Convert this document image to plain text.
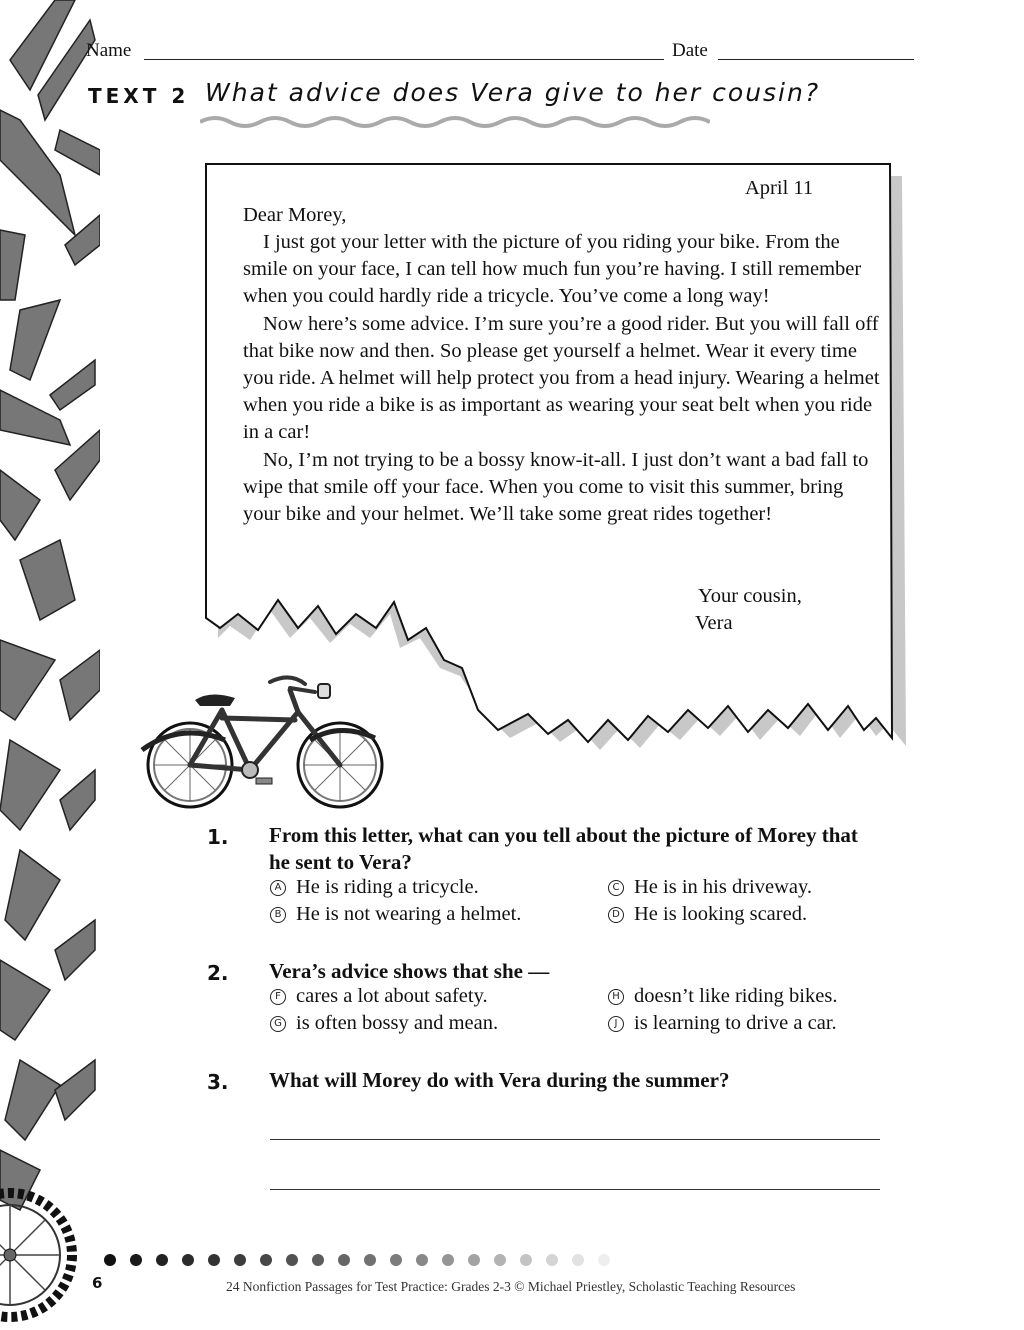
Name	Date
TEXT 2 What advice does Vera give to her cousin?
April 11
Dear Morey,

I just got your letter with the picture of you riding your bike. From the smile on your face, I can tell how much fun you’re having. I still remember when you could hardly ride a tricycle. You’ve come a long way!

Now here’s some advice. I’m sure you’re a good rider. But you will fall off that bike now and then. So please get yourself a helmet. Wear it every time you ride. A helmet will help protect you from a head injury. Wearing a helmet when you ride a bike is as important as wearing your seat belt when you ride in a car!

No, I’m not trying to be a bossy know-it-all. I just don’t want a bad fall to wipe that smile off your face. When you come to visit this summer, bring your bike and your helmet. We’ll take some great rides together!

Your cousin,
Vera
1. From this letter, what can you tell about the picture of Morey that he sent to Vera?
A He is riding a tricycle.
B He is not wearing a helmet.
C He is in his driveway.
D He is looking scared.
2. Vera’s advice shows that she —
F cares a lot about safety.
G is often bossy and mean.
H doesn’t like riding bikes.
J is learning to drive a car.
3. What will Morey do with Vera during the summer?
6	24 Nonfiction Passages for Test Practice: Grades 2-3 © Michael Priestley, Scholastic Teaching Resources
